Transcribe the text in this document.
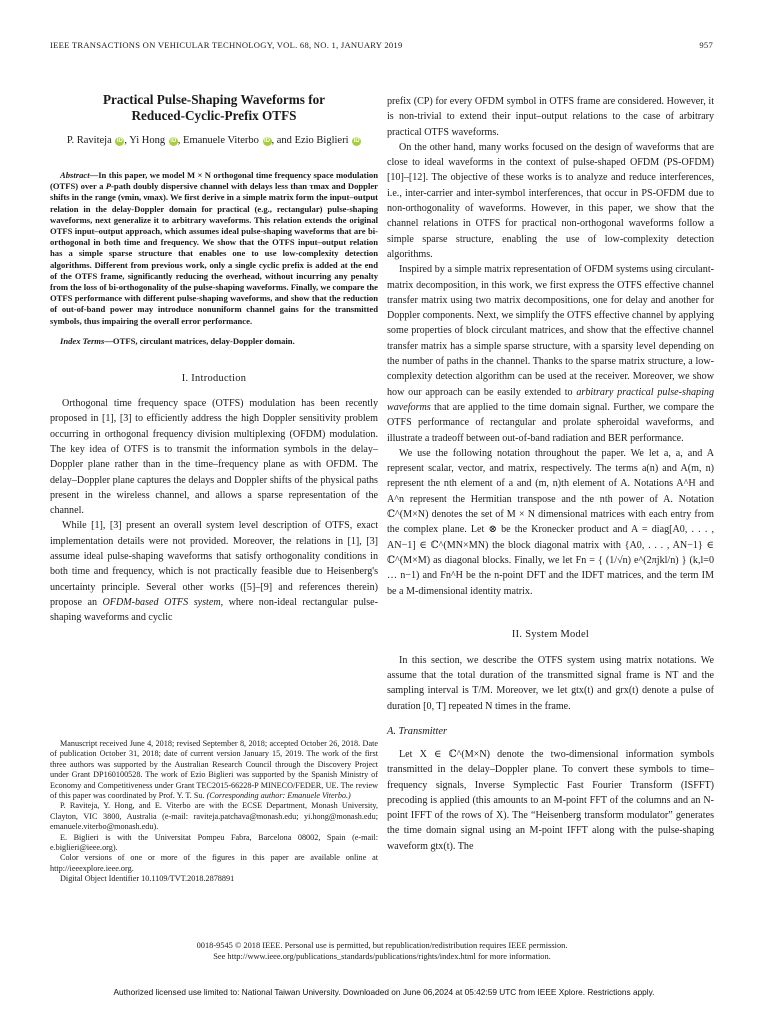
IEEE TRANSACTIONS ON VEHICULAR TECHNOLOGY, VOL. 68, NO. 1, JANUARY 2019	957
Practical Pulse-Shaping Waveforms for
Reduced-Cyclic-Prefix OTFS
P. Raviteja iD , Yi Hong iD , Emanuele Viterbo iD , and Ezio Biglieri iD
Abstract—In this paper, we model M × N orthogonal time frequency space modulation (OTFS) over a P-path doubly dispersive channel with delays less than τmax and Doppler shifts in the range (νmin, νmax). We first derive in a simple matrix form the input–output relation in the delay-Doppler domain for practical (e.g., rectangular) pulse-shaping waveforms, next generalize it to arbitrary waveforms. This relation extends the original OTFS input–output approach, which assumes ideal pulse-shaping waveforms that are bi-orthogonal in both time and frequency. We show that the OTFS input–output relation has a simple sparse structure that enables one to use low-complexity detection algorithms. Different from previous work, only a single cyclic prefix is added at the end of the OTFS frame, significantly reducing the overhead, without incurring any penalty from the loss of bi-orthogonality of the pulse-shaping waveforms. Finally, we compare the OTFS performance with different pulse-shaping waveforms, and show that the reduction of out-of-band power may introduce nonuniform channel gains for the transmitted symbols, thus impairing the overall error performance.
Index Terms—OTFS, circulant matrices, delay-Doppler domain.
I. Introduction

Orthogonal time frequency space (OTFS) modulation has been recently proposed in [1], [3] to efficiently address the high Doppler sensitivity problem occurring in orthogonal frequency division multiplexing (OFDM) modulation. The key idea of OTFS is to transmit the information symbols in the delay–Doppler plane rather than in the time–frequency plane as with OFDM. The delay–Doppler plane captures the delays and Doppler shifts of the physical paths present in the wireless channel, and allows a sparse representation of the channel.

While [1], [3] present an overall system level description of OTFS, exact implementation details were not provided. Moreover, the relations in [1], [3] assume ideal pulse-shaping waveforms that satisfy orthogonality conditions in both time and frequency, which is not practically feasible due to Heisenberg's uncertainty principle. Several other works ([5]–[9] and references therein) propose an OFDM-based OTFS system, where non-ideal rectangular pulse-shaping waveforms and cyclic

Manuscript received June 4, 2018; revised September 8, 2018; accepted October 26, 2018. Date of publication October 31, 2018; date of current version January 15, 2019. The work of the first three authors was supported by the Australian Research Council through the Discovery Project under Grant DP160100528. The work of Ezio Biglieri was supported by the Spanish Ministry of Economy and Competitiveness under Grant TEC2015-66228-P MINECO/FEDER, UE. The review of this paper was coordinated by Prof. Y. T. Su. (Corresponding author: Emanuele Viterbo.)
P. Raviteja, Y. Hong, and E. Viterbo are with the ECSE Department, Monash University, Clayton, VIC 3800, Australia (e-mail: raviteja.patchava@monash.edu; yi.hong@monash.edu; emanuele.viterbo@monash.edu).
E. Biglieri is with the Universitat Pompeu Fabra, Barcelona 08002, Spain (e-mail: e.biglieri@ieee.org).
Color versions of one or more of the figures in this paper are available online at http://ieeexplore.ieee.org.
Digital Object Identifier 10.1109/TVT.2018.2878891

prefix (CP) for every OFDM symbol in OTFS frame are considered. However, it is non-trivial to extend their input–output relations to the case of arbitrary practical OTFS waveforms.

On the other hand, many works focused on the design of waveforms that are close to ideal waveforms in the context of pulse-shaped OFDM (PS-OFDM) [10]–[12]. The objective of these works is to analyze and reduce interferences, i.e., inter-carrier and inter-symbol interferences, that occur in PS-OFDM due to non-orthogonality of waveforms. However, in this paper, we show that the channel relations in OTFS for practical non-orthogonal waveforms follow a simple sparse structure, enabling the use of low-complexity detection algorithms.

Inspired by a simple matrix representation of OFDM systems using circulant-matrix decomposition, in this work, we first express the OTFS effective channel transfer matrix using two matrix decompositions, one for delay and another for Doppler components. Next, we simplify the OTFS effective channel by applying some properties of block circulant matrices, and show that the effective channel transfer matrix has a simple sparse structure, with a sparsity level depending on the number of paths in the channel. Thanks to the sparse matrix structure, a low-complexity detection algorithm can be used at the receiver. Moreover, we show how our approach can be easily extended to arbitrary practical pulse-shaping waveforms that are applied to the time domain signal. Further, we compare the OTFS performance of rectangular and prolate spheroidal waveforms, and illustrate a tradeoff between out-of-band radiation and BER performance.

We use the following notation throughout the paper. We let a, a, and A represent scalar, vector, and matrix, respectively. The terms a(n) and A(m, n) represent the nth element of a and (m, n)th element of A. Notations A^H and A^n represent the Hermitian transpose and the nth power of A. Notation ℂ^(M×N) denotes the set of M × N dimensional matrices with each entry from the complex plane. Let ⊗ be the Kronecker product and A = diag[A0, . . . , AN−1] ∈ ℂ^(MN×MN) the block diagonal matrix with {A0, . . . , AN−1} ∈ ℂ^(M×M) as diagonal blocks. Finally, we let Fn = { (1/√n) e^(2πjkl/n) } (k,l=0 … n−1) and Fn^H be the n-point DFT and the IDFT matrices, and the term IM be a M-dimensional identity matrix.

II. System Model

In this section, we describe the OTFS system using matrix notations. We assume that the total duration of the transmitted signal frame is NT and the sampling interval is T/M. Moreover, we let gtx(t) and grx(t) denote a pulse of duration [0, T] repeated N times in the frame.

A. Transmitter

Let X ∈ ℂ^(M×N) denote the two-dimensional information symbols transmitted in the delay–Doppler plane. To convert these symbols to time–frequency signals, Inverse Symplectic Fast Fourier Transform (ISFFT) precoding is applied (this amounts to an M-point FFT of the columns and an N-point IFFT of the rows of X). The “Heisenberg transform modulator” generates the time domain signal using an M-point IFFT along with the pulse-shaping waveform gtx(t). The

0018-9545 © 2018 IEEE. Personal use is permitted, but republication/redistribution requires IEEE permission.
See http://www.ieee.org/publications_standards/publications/rights/index.html for more information.
Authorized licensed use limited to: National Taiwan University. Downloaded on June 06,2024 at 05:42:59 UTC from IEEE Xplore. Restrictions apply.
